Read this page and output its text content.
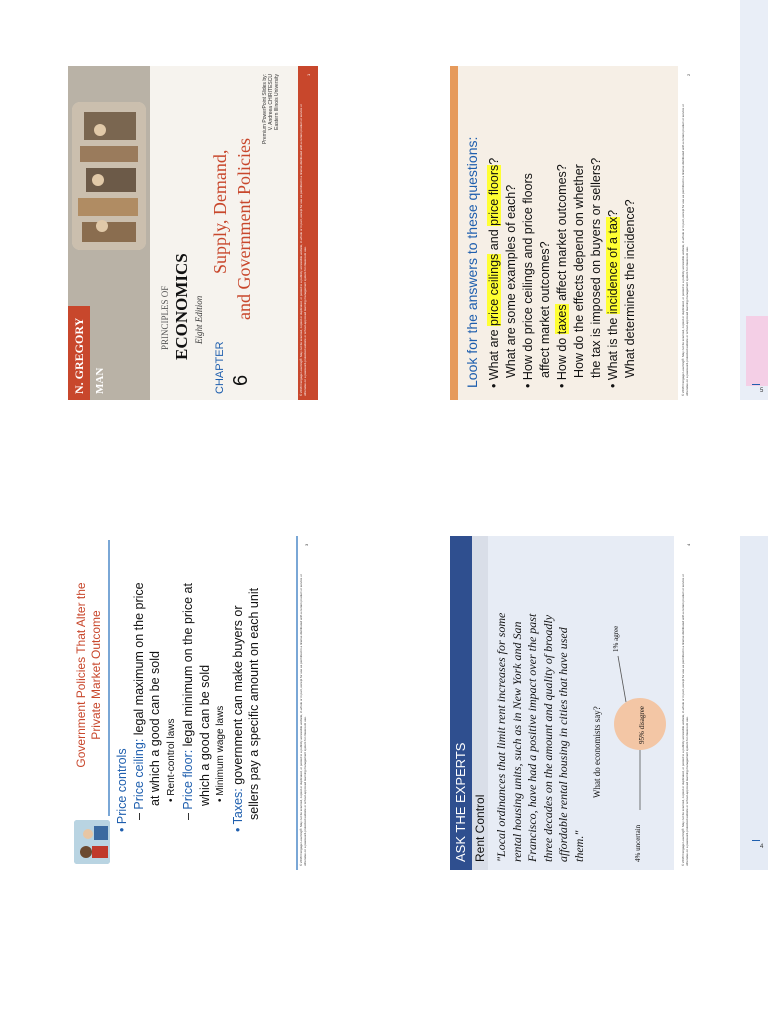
N. GREGORY MAN
PRINCIPLES OF ECONOMICS Eight Edition
CHAPTER 6
Supply, Demand, and Government Policies
Premium PowerPoint Slides by: V. Andreea CHIRITESCU Eastern Illinois University
© 2018 Cengage Learning®. May not be scanned, copied or duplicated, or posted to a publicly accessible website, in whole or in part, except for use as permitted in a license distributed with a certain product or service or otherwise on a password-protected website or school-approved learning management system for classroom use.
1
Look for the answers to these questions: • What are price ceilings and price floors?
What are some examples of each?
• How do price ceilings and price floors affect market outcomes?
• How do taxes affect market outcomes? How do the effects depend on whether the tax is imposed on buyers or sellers?
• What is the incidence of a tax? What determines the incidence?	© 2018 Cengage Learning®. May not be scanned, copied or duplicated, or posted to a publicly accessible website, in whole or in part, except for use as permitted in a license distributed with a certain product or service or otherwise on a password-protected website or school-approved learning management system for classroom use.
2
Government Policies That Alter the Private Market Outcome
• Price controls – Price ceiling: legal maximum on the price at which a good can be sold • Rent-control laws
– Price floor: legal minimum on the price at which a good can be sold • Minimum wage laws
• Taxes: government can make buyers or sellers pay a specific amount on each unit	© 2018 Cengage Learning®. May not be scanned, copied or duplicated, or posted to a publicly accessible website, in whole or in part, except for use as permitted in a license distributed with a certain product or service or otherwise on a password-protected website or school-approved learning management system for classroom use.
3
ASK THE EXPERTS Rent Control "Local ordinances that limit rent increases for some rental housing units, such as in New York and San Francisco, have had a positive impact over the past three decades on the amount and quality of broadly affordable rental housing in cities that have used them."
What do economists say?
4% uncertain
1% agree
95% disagree	© 2018 Cengage Learning®. May not be scanned, copied or duplicated, or posted to a publicly accessible website, in whole or in part, except for use as permitted in a license distributed with a certain product or service or otherwise on a password-protected website or school-approved learning management system for classroom use.
4
5
4
